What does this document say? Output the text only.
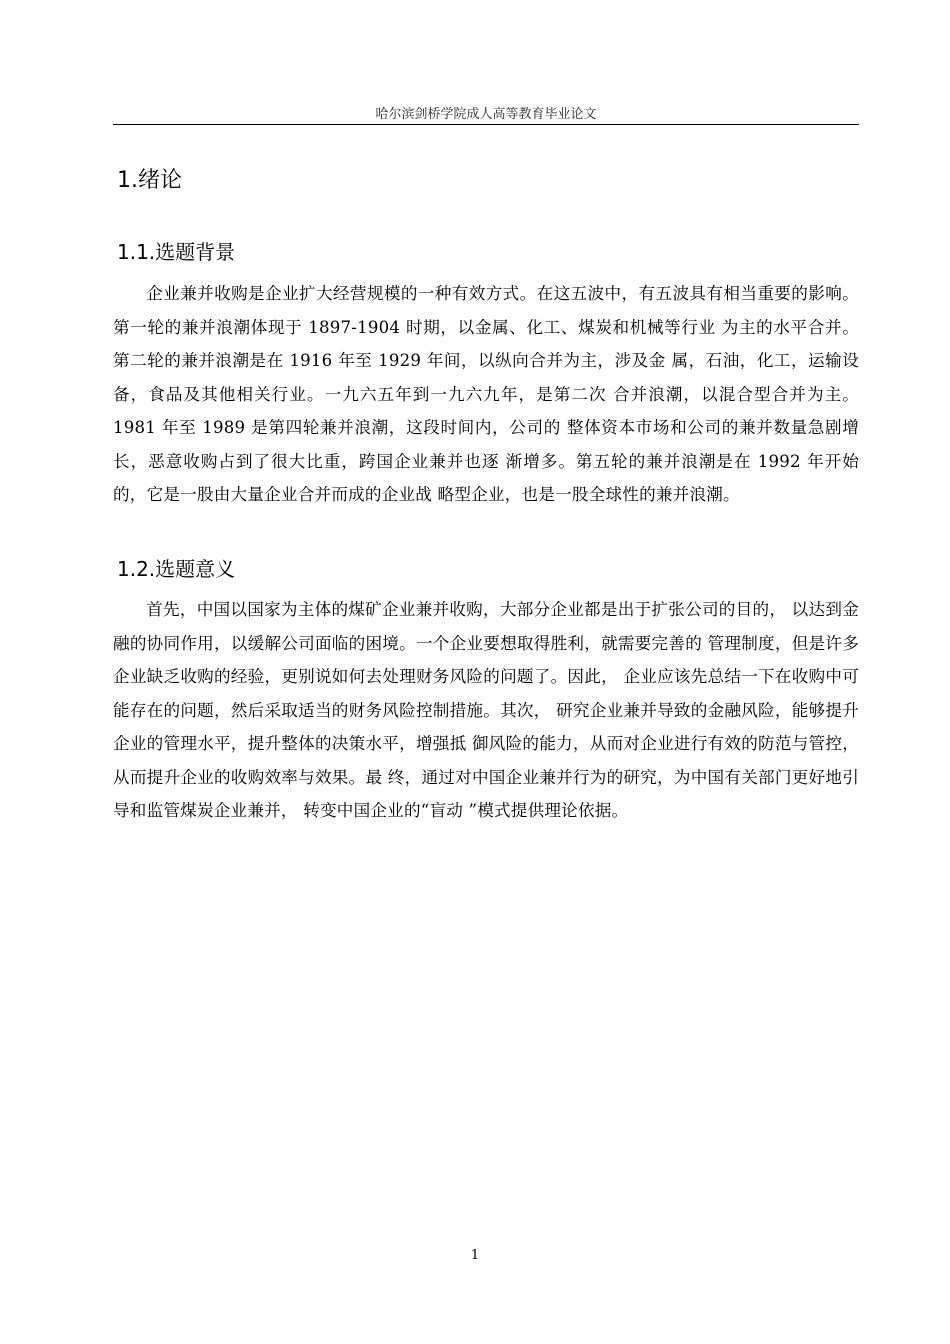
哈尔滨剑桥学院成人高等教育毕业论文
1.绪论
1.1.选题背景

企业兼并收购是企业扩大经营规模的一种有效方式。在这五波中，有五波具有相当重要的影响。第一轮的兼并浪潮体现于 1897-1904 时期，以金属、化工、煤炭和机械等行业 为主的水平合并。第二轮的兼并浪潮是在 1916 年至 1929 年间，以纵向合并为主，涉及金 属，石油，化工，运输设备，食品及其他相关行业。一九六五年到一九六九年，是第二次 合并浪潮，以混合型合并为主。1981 年至 1989 是第四轮兼并浪潮，这段时间内，公司的 整体资本市场和公司的兼并数量急剧增长，恶意收购占到了很大比重，跨国企业兼并也逐 渐增多。第五轮的兼并浪潮是在 1992 年开始的，它是一股由大量企业合并而成的企业战 略型企业，也是一股全球性的兼并浪潮。

1.2.选题意义

首先，中国以国家为主体的煤矿企业兼并收购，大部分企业都是出于扩张公司的目的， 以达到金融的协同作用，以缓解公司面临的困境。一个企业要想取得胜利，就需要完善的 管理制度，但是许多企业缺乏收购的经验，更别说如何去处理财务风险的问题了。因此， 企业应该先总结一下在收购中可能存在的问题，然后采取适当的财务风险控制措施。其次， 研究企业兼并导致的金融风险，能够提升企业的管理水平，提升整体的决策水平，增强抵 御风险的能力，从而对企业进行有效的防范与管控，从而提升企业的收购效率与效果。最 终，通过对中国企业兼并行为的研究，为中国有关部门更好地引导和监管煤炭企业兼并， 转变中国企业的“盲动 ”模式提供理论依据。

1
